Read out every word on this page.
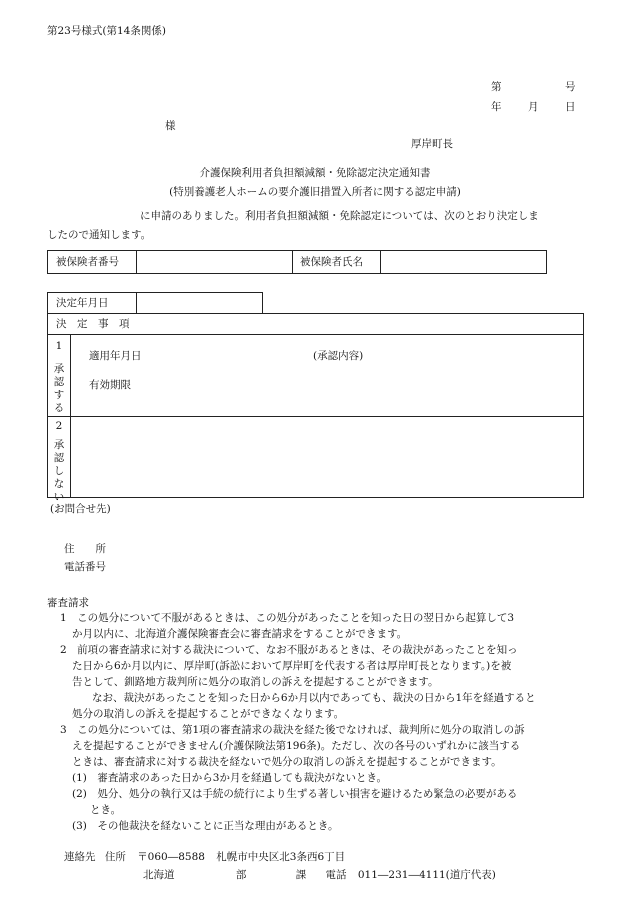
第23号様式(第14条関係)
第	号
年	月	日
様
厚岸町長
介護保険利用者負担額減額・免除認定決定通知書
(特別養護老人ホームの要介護旧措置入所者に関する認定申請)
に申請のありました。利用者負担額減額・免除認定については、次のとおり決定しま
したので通知します。
被保険者番号	被保険者氏名
決定年月日
決　定　事　項
1
承
認
す
る
適用年月日	(承認内容)
有効期限
2
承
認
し
な
い
(お問合せ先)
住　　所
電話番号
審査請求
1　この処分について不服があるときは、この処分があったことを知った日の翌日から起算して3
か月以内に、北海道介護保険審査会に審査請求をすることができます。
2　前項の審査請求に対する裁決について、なお不服があるときは、その裁決があったことを知っ
た日から6か月以内に、厚岸町(訴訟において厚岸町を代表する者は厚岸町長となります。)を被
告として、釧路地方裁判所に処分の取消しの訴えを提起することができます。
なお、裁決があったことを知った日から6か月以内であっても、裁決の日から1年を経過すると
処分の取消しの訴えを提起することができなくなります。
3　この処分については、第1項の審査請求の裁決を経た後でなければ、裁判所に処分の取消しの訴
えを提起することができません(介護保険法第196条)。ただし、次の各号のいずれかに該当する
ときは、審査請求に対する裁決を経ないで処分の取消しの訴えを提起することができます。
(1)　審査請求のあった日から3か月を経過しても裁決がないとき。
(2)　処分、処分の執行又は手続の続行により生ずる著しい損害を避けるため緊急の必要がある
とき。
(3)　その他裁決を経ないことに正当な理由があるとき。
連絡先 住所 〒060―8588 札幌市中央区北3条西6丁目
北海道	部	課 電話 011―231―4111(道庁代表)
